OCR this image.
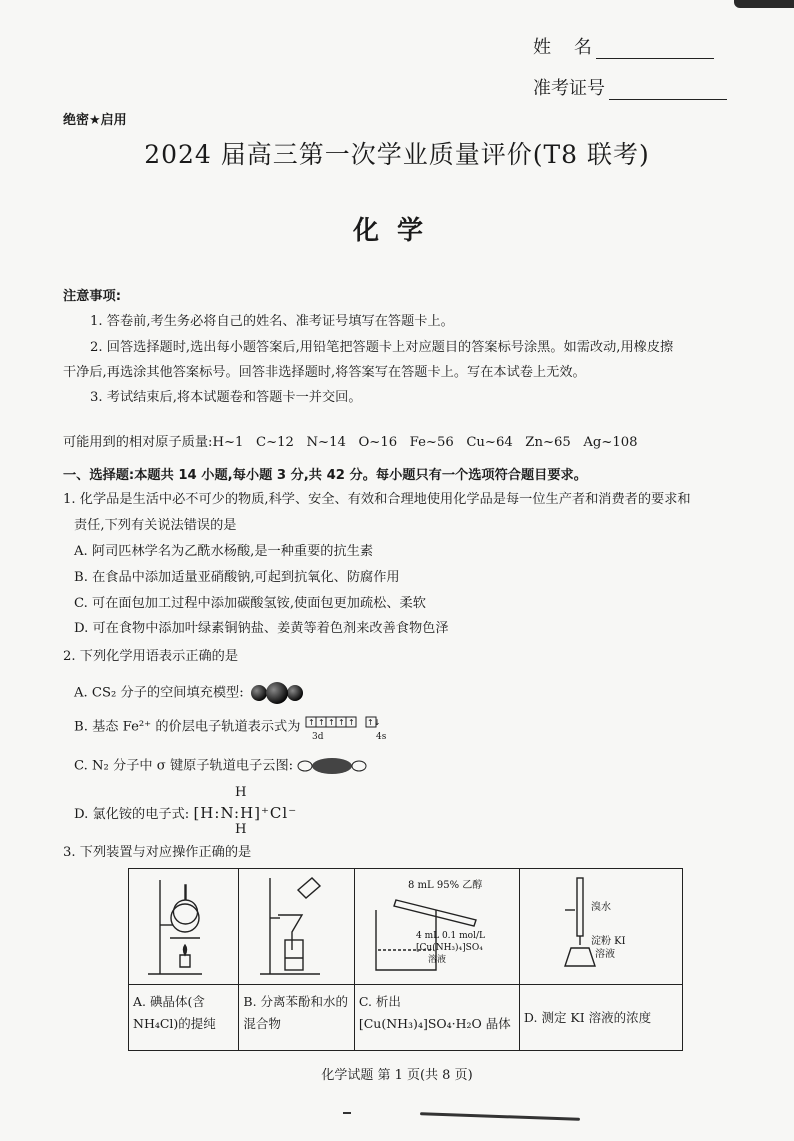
姓    名
准考证号
绝密★启用
2024 届高三第一次学业质量评价(T8 联考)
化学
注意事项:
1. 答卷前,考生务必将自己的姓名、准考证号填写在答题卡上。
2. 回答选择题时,选出每小题答案后,用铅笔把答题卡上对应题目的答案标号涂黑。如需改动,用橡皮擦
干净后,再选涂其他答案标号。回答非选择题时,将答案写在答题卡上。写在本试卷上无效。
3. 考试结束后,将本试题卷和答题卡一并交回。
可能用到的相对原子质量:H~1   C~12   N~14   O~16   Fe~56   Cu~64   Zn~65   Ag~108
一、选择题:本题共 14 小题,每小题 3 分,共 42 分。每小题只有一个选项符合题目要求。
1. 化学品是生活中必不可少的物质,科学、安全、有效和合理地使用化学品是每一位生产者和消费者的要求和
责任,下列有关说法错误的是
A. 阿司匹林学名为乙酰水杨酸,是一种重要的抗生素
B. 在食品中添加适量亚硝酸钠,可起到抗氧化、防腐作用
C. 可在面包加工过程中添加碳酸氢铵,使面包更加疏松、柔软
D. 可在食物中添加叶绿素铜钠盐、姜黄等着色剂来改善食物色泽
2. 下列化学用语表示正确的是
A. CS₂ 分子的空间填充模型:
B. 基态 Fe²⁺ 的价层电子轨道表示式为 ↑ ↑ ↑ ↑ ↑ ↑↓
3d	4s
C. N₂ 分子中 σ 键原子轨道电子云图:
D. 氯化铵的电子式: [H:N:H]⁺Cl⁻
H
H
3. 下列装置与对应操作正确的是

8 mL 95% 乙醇
4 mL 0.1 mol/L
[Cu(NH₃)₄]SO₄
溶液	溴水
淀粉 KI
溶液

A. 碘晶体(含NH₄Cl)的提纯	B. 分离苯酚和水的混合物	C. 析出[Cu(NH₃)₄]SO₄·H₂O 晶体	D. 测定 KI 溶液的浓度
化学试题 第 1 页(共 8 页)
